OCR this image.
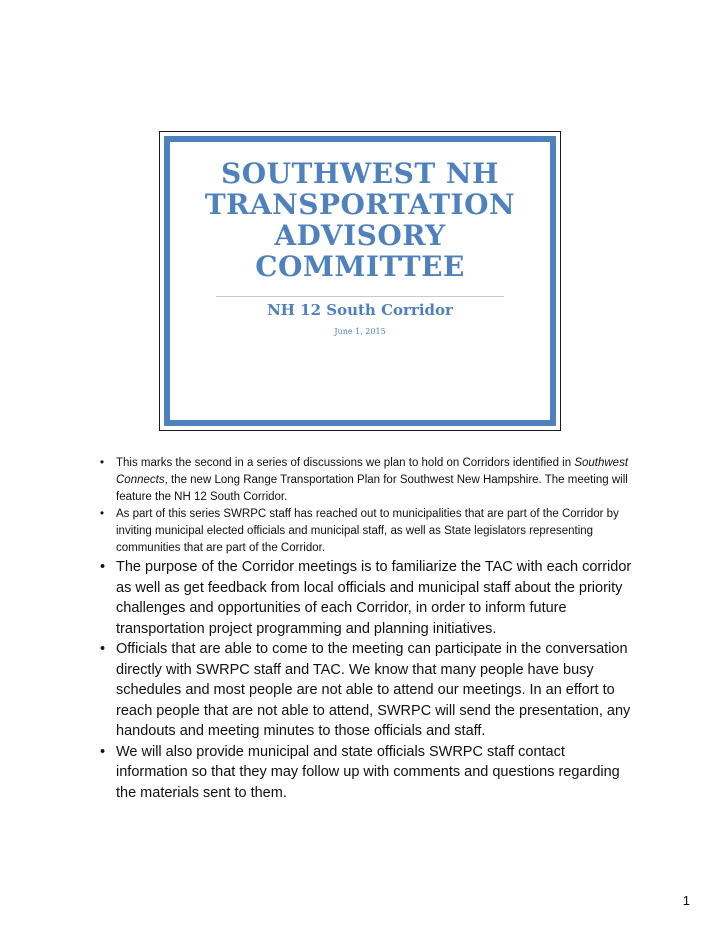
SOUTHWEST NH
TRANSPORTATION
ADVISORY
COMMITTEE
NH 12 South Corridor
June 1, 2015
• This marks the second in a series of discussions we plan to hold on Corridors identified in Southwest Connects, the new Long Range Transportation Plan for Southwest New Hampshire. The meeting will feature the NH 12 South Corridor.
• As part of this series SWRPC staff has reached out to municipalities that are part of the Corridor by inviting municipal elected officials and municipal staff, as well as State legislators representing communities that are part of the Corridor.
• The purpose of the Corridor meetings is to familiarize the TAC with each corridor as well as get feedback from local officials and municipal staff about the priority challenges and opportunities of each Corridor, in order to inform future transportation project programming and planning initiatives.
• Officials that are able to come to the meeting can participate in the conversation directly with SWRPC staff and TAC. We know that many people have busy schedules and most people are not able to attend our meetings. In an effort to reach people that are not able to attend, SWRPC will send the presentation, any handouts and meeting minutes to those officials and staff.
• We will also provide municipal and state officials SWRPC staff contact information so that they may follow up with comments and questions regarding the materials sent to them.
1
